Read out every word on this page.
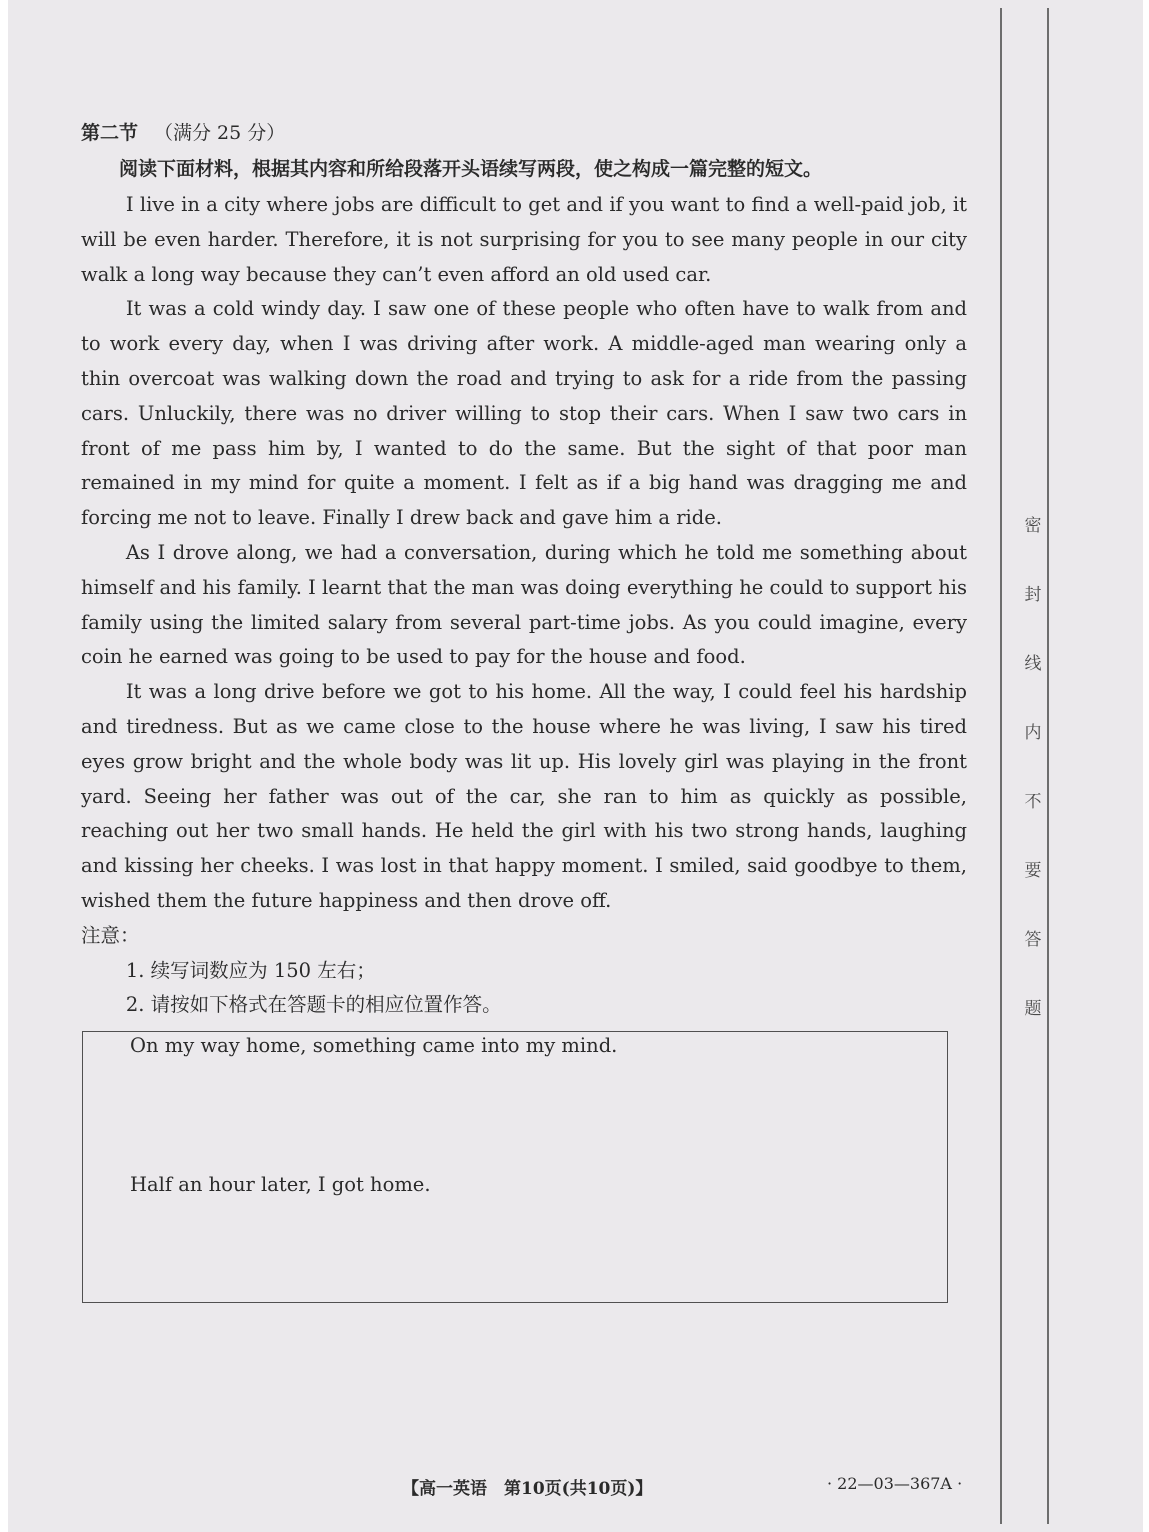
密
封
线
内
不
要
答
题
第二节 （满分 25 分）
阅读下面材料，根据其内容和所给段落开头语续写两段，使之构成一篇完整的短文。

I live in a city where jobs are difficult to get and if you want to find a well-paid job, it will be even harder. Therefore, it is not surprising for you to see many people in our city walk a long way because they can’t even afford an old used car.

It was a cold windy day. I saw one of these people who often have to walk from and to work every day, when I was driving after work. A middle-aged man wearing only a thin overcoat was walking down the road and trying to ask for a ride from the passing cars. Unluckily, there was no driver willing to stop their cars. When I saw two cars in front of me pass him by, I wanted to do the same. But the sight of that poor man remained in my mind for quite a moment. I felt as if a big hand was dragging me and forcing me not to leave. Finally I drew back and gave him a ride.

As I drove along, we had a conversation, during which he told me something about himself and his family. I learnt that the man was doing everything he could to support his family using the limited salary from several part-time jobs. As you could imagine, every coin he earned was going to be used to pay for the house and food.

It was a long drive before we got to his home. All the way, I could feel his hardship and tiredness. But as we came close to the house where he was living, I saw his tired eyes grow bright and the whole body was lit up. His lovely girl was playing in the front yard. Seeing her father was out of the car, she ran to him as quickly as possible, reaching out her two small hands. He held the girl with his two strong hands, laughing and kissing her cheeks. I was lost in that happy moment. I smiled, said goodbye to them, wished them the future happiness and then drove off.

注意：
1. 续写词数应为 150 左右；
2. 请按如下格式在答题卡的相应位置作答。
On my way home, something came into my mind.
Half an hour later, I got home.
【高一英语　第10页(共10页)】	· 22—03—367A ·
